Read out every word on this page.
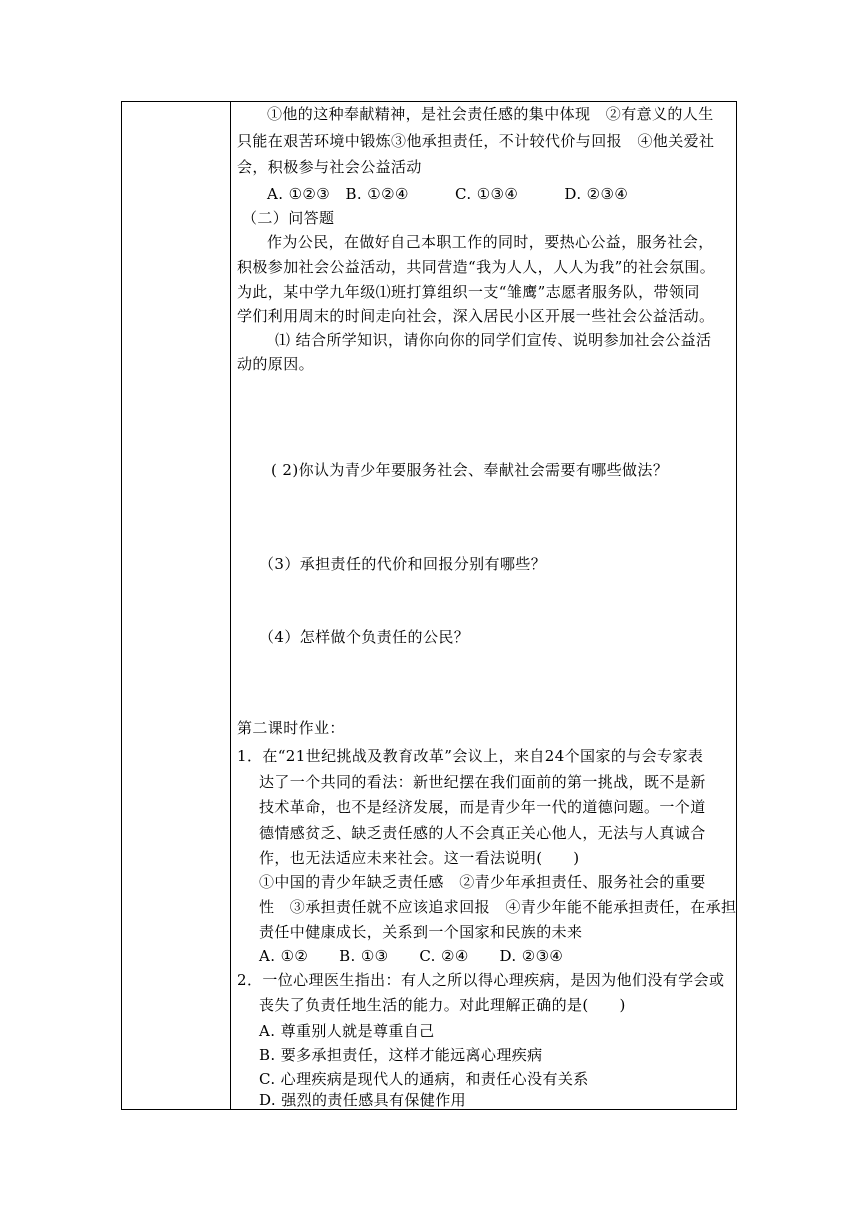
①他的这种奉献精神，是社会责任感的集中体现　②有意义的人生
只能在艰苦环境中锻炼③他承担责任，不计较代价与回报　④他关爱社
会，积极参与社会公益活动
A. ①②③　B. ①②④　　　C. ①③④　　　D. ②③④
（二）问答题
作为公民，在做好自己本职工作的同时，要热心公益，服务社会，
积极参加社会公益活动，共同营造“我为人人，人人为我”的社会氛围。
为此，某中学九年级⑴班打算组织一支“雏鹰”志愿者服务队，带领同
学们利用周末的时间走向社会，深入居民小区开展一些社会公益活动。
⑴ 结合所学知识，请你向你的同学们宣传、说明参加社会公益活
动的原因。
( 2)你认为青少年要服务社会、奉献社会需要有哪些做法？
（3）承担责任的代价和回报分别有哪些？
（4）怎样做个负责任的公民？
第二课时作业：
1．在“21世纪挑战及教育改革”会议上，来自24个国家的与会专家表
达了一个共同的看法：新世纪摆在我们面前的第一挑战，既不是新
技术革命，也不是经济发展，而是青少年一代的道德问题。一个道
德情感贫乏、缺乏责任感的人不会真正关心他人，无法与人真诚合
作，也无法适应未来社会。这一看法说明(　　)
①中国的青少年缺乏责任感　②青少年承担责任、服务社会的重要
性　③承担责任就不应该追求回报　④青少年能不能承担责任，在承担
责任中健康成长，关系到一个国家和民族的未来
A. ①②　　B. ①③　　C. ②④　　D. ②③④
2．一位心理医生指出：有人之所以得心理疾病，是因为他们没有学会或
丧失了负责任地生活的能力。对此理解正确的是(　　)
A. 尊重别人就是尊重自己
B. 要多承担责任，这样才能远离心理疾病
C. 心理疾病是现代人的通病，和责任心没有关系
D. 强烈的责任感具有保健作用
